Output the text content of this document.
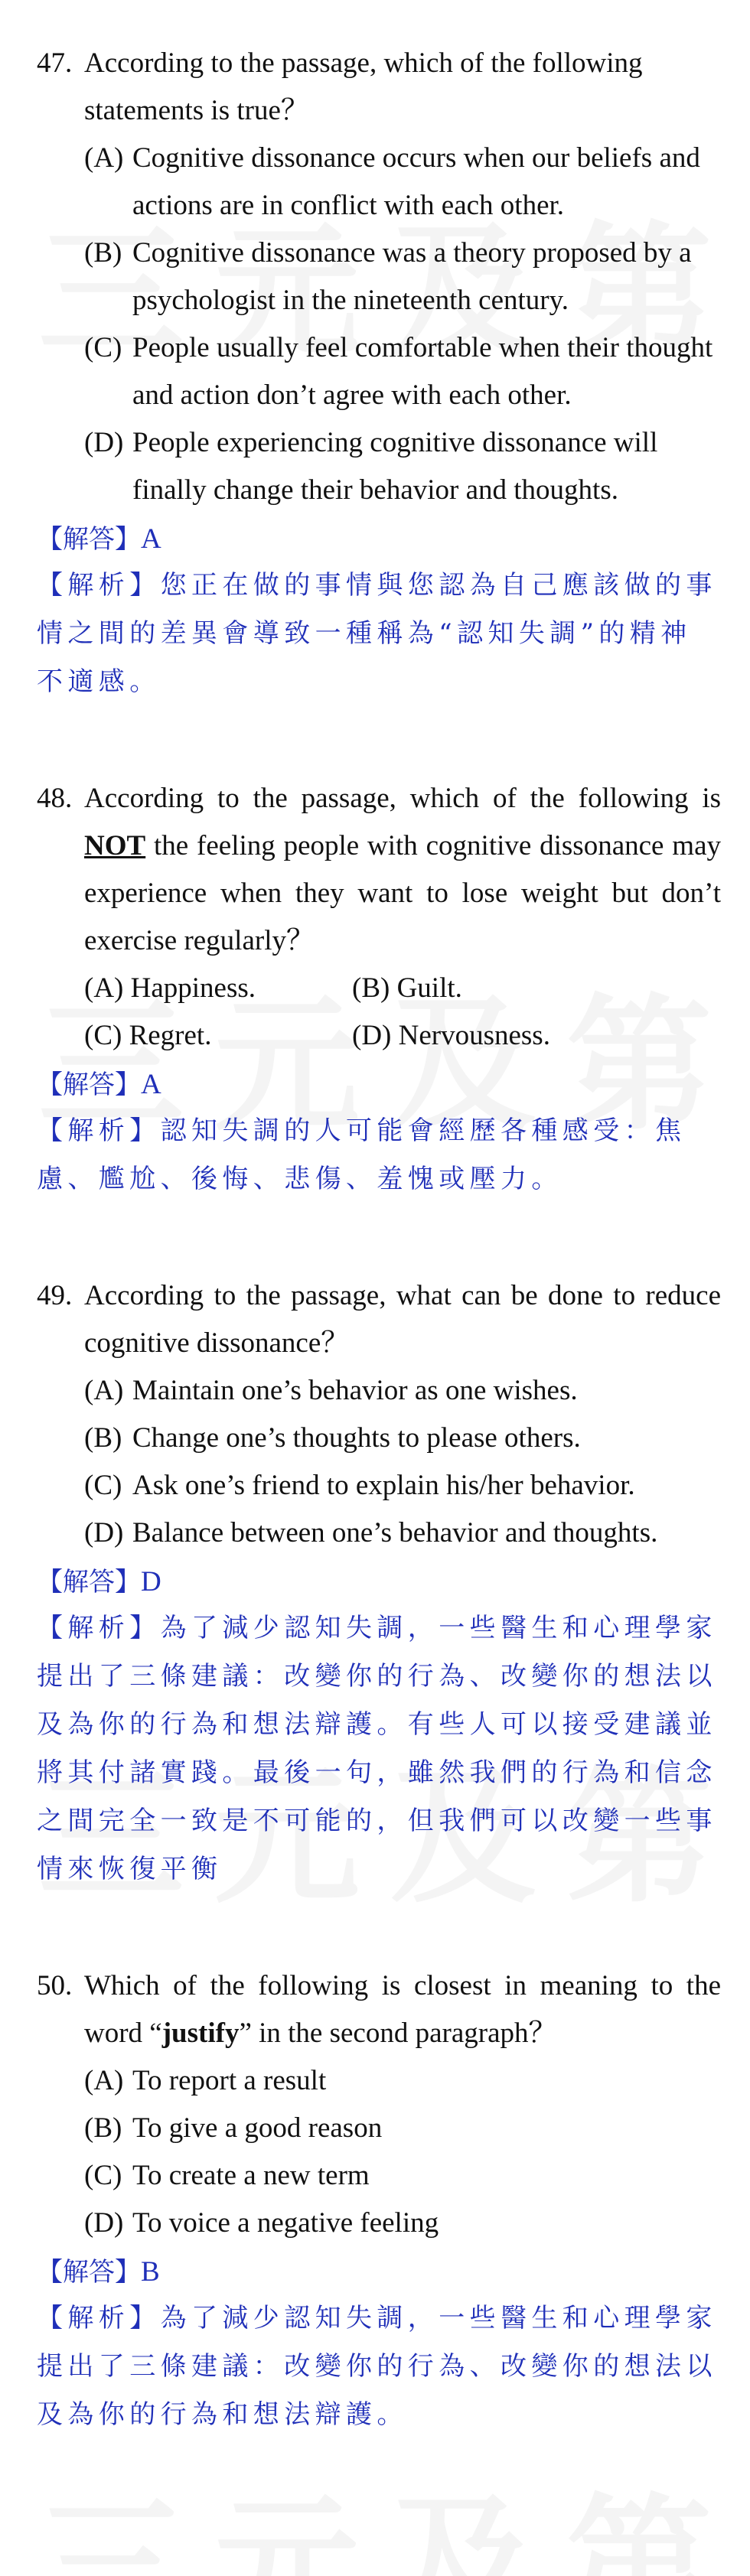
47. According to the passage, which of the following statements is true？
(A) Cognitive dissonance occurs when our beliefs and actions are in conflict with each other.
(B) Cognitive dissonance was a theory proposed by a psychologist in the nineteenth century.
(C) People usually feel comfortable when their thought and action don’t agree with each other.
(D) People experiencing cognitive dissonance will finally change their behavior and thoughts.
【解答】A
【解析】您正在做的事情與您認為自己應該做的事情之間的差異會導致一種稱為“認知失調”的精神不適感。
48. According to the passage, which of the following is NOT the feeling people with cognitive dissonance may experience when they want to lose weight but don’t exercise regularly？
(A) Happiness.	(B) Guilt.
(C) Regret.	(D) Nervousness.
【解答】A
【解析】認知失調的人可能會經歷各種感受：焦慮、尷尬、後悔、悲傷、羞愧或壓力。
49. According to the passage, what can be done to reduce cognitive dissonance？
(A) Maintain one’s behavior as one wishes.
(B) Change one’s thoughts to please others.
(C) Ask one’s friend to explain his/her behavior.
(D) Balance between one’s behavior and thoughts.
【解答】D
【解析】為了減少認知失調，一些醫生和心理學家提出了三條建議：改變你的行為、改變你的想法以及為你的行為和想法辯護。有些人可以接受建議並將其付諸實踐。最後一句，雖然我們的行為和信念之間完全一致是不可能的，但我們可以改變一些事情來恢復平衡
50. Which of the following is closest in meaning to the word “justify” in the second paragraph？
(A) To report a result
(B) To give a good reason
(C) To create a new term
(D) To voice a negative feeling
【解答】B
【解析】為了減少認知失調，一些醫生和心理學家提出了三條建議：改變你的行為、改變你的想法以及為你的行為和想法辯護。
